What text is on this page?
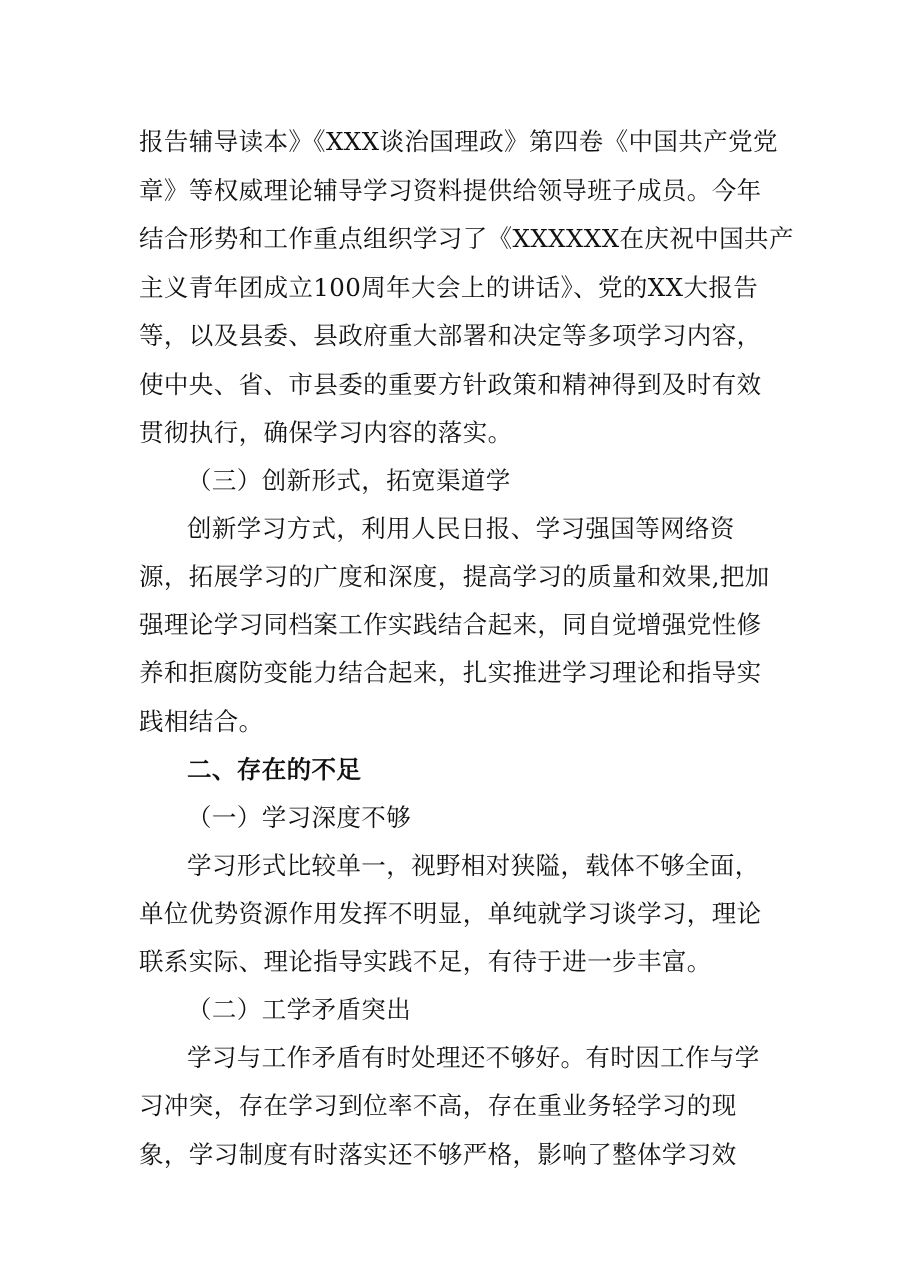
报告辅导读本》《XXX谈治国理政》第四卷《中国共产党党
章》等权威理论辅导学习资料提供给领导班子成员。今年
结合形势和工作重点组织学习了《XXXXXX在庆祝中国共产
主义青年团成立100周年大会上的讲话》、党的XX大报告
等，以及县委、县政府重大部署和决定等多项学习内容，
使中央、省、市县委的重要方针政策和精神得到及时有效
贯彻执行，确保学习内容的落实。
（三）创新形式，拓宽渠道学
创新学习方式，利用人民日报、学习强国等网络资
源，拓展学习的广度和深度，提高学习的质量和效果,把加
强理论学习同档案工作实践结合起来，同自觉增强党性修
养和拒腐防变能力结合起来，扎实推进学习理论和指导实
践相结合。
二、存在的不足
（一）学习深度不够
学习形式比较单一，视野相对狭隘，载体不够全面，
单位优势资源作用发挥不明显，单纯就学习谈学习，理论
联系实际、理论指导实践不足，有待于进一步丰富。
（二）工学矛盾突出
学习与工作矛盾有时处理还不够好。有时因工作与学
习冲突，存在学习到位率不高，存在重业务轻学习的现
象，学习制度有时落实还不够严格，影响了整体学习效
